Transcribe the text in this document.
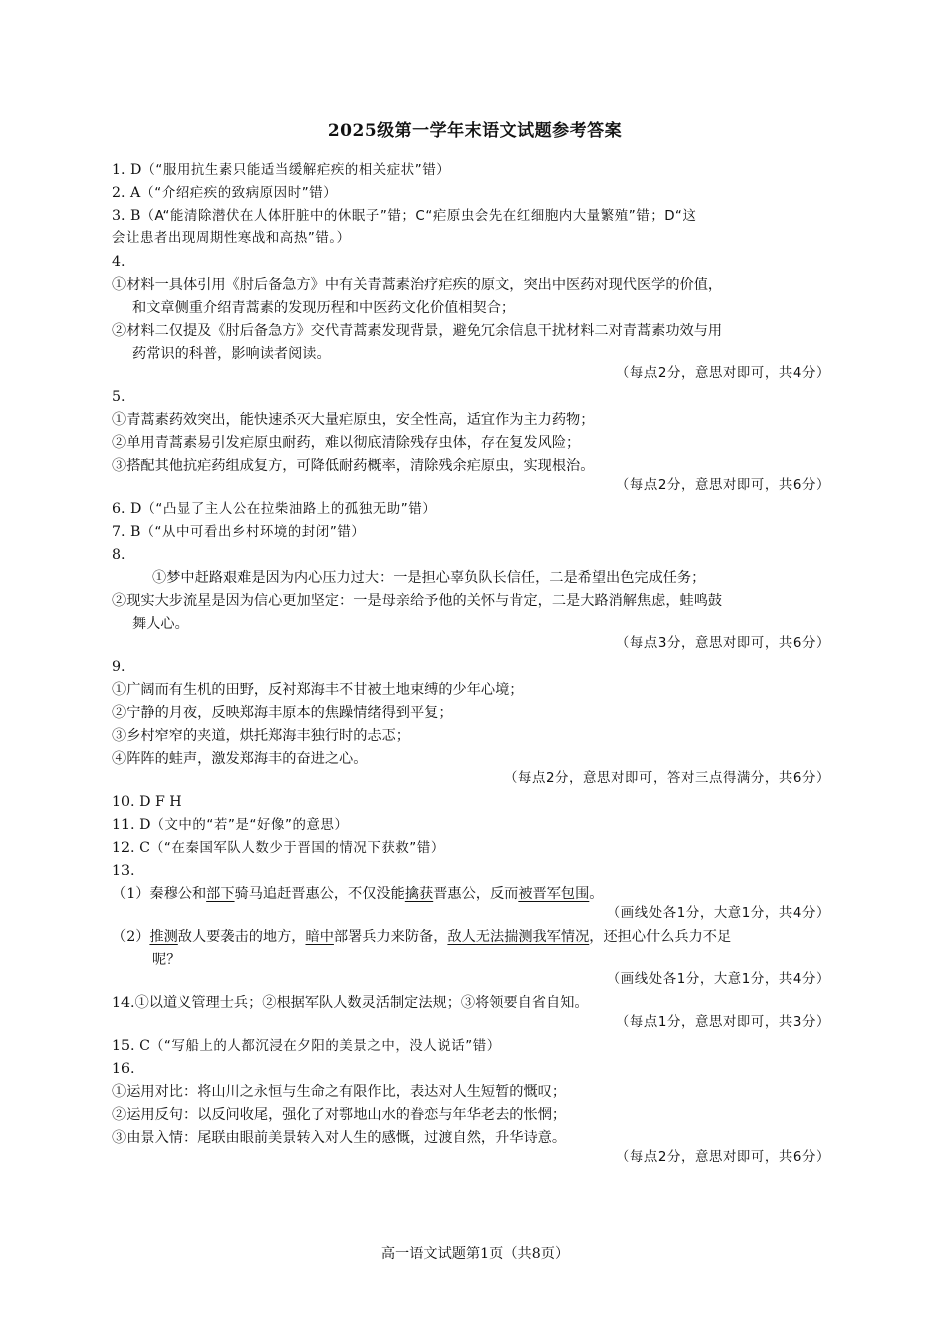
2025级第一学年末语文试题参考答案
1. D（“服用抗生素只能适当缓解疟疾的相关症状”错）
2. A（“介绍疟疾的致病原因时”错）
3. B（A“能清除潜伏在人体肝脏中的休眠子”错；C“疟原虫会先在红细胞内大量繁殖”错；D“这
会让患者出现周期性寒战和高热”错。）
4.
①材料一具体引用《肘后备急方》中有关青蒿素治疗疟疾的原文，突出中医药对现代医学的价值，
和文章侧重介绍青蒿素的发现历程和中医药文化价值相契合；
②材料二仅提及《肘后备急方》交代青蒿素发现背景，避免冗余信息干扰材料二对青蒿素功效与用
药常识的科普，影响读者阅读。
（每点2分，意思对即可，共4分）
5.
①青蒿素药效突出，能快速杀灭大量疟原虫，安全性高，适宜作为主力药物；
②单用青蒿素易引发疟原虫耐药，难以彻底清除残存虫体，存在复发风险；
③搭配其他抗疟药组成复方，可降低耐药概率，清除残余疟原虫，实现根治。
（每点2分，意思对即可，共6分）
6. D（“凸显了主人公在拉柴油路上的孤独无助”错）
7. B（“从中可看出乡村环境的封闭”错）
8.
①梦中赶路艰难是因为内心压力过大：一是担心辜负队长信任，二是希望出色完成任务；
②现实大步流星是因为信心更加坚定：一是母亲给予他的关怀与肯定，二是大路消解焦虑，蛙鸣鼓
舞人心。
（每点3分，意思对即可，共6分）
9.
①广阔而有生机的田野，反衬郑海丰不甘被土地束缚的少年心境；
②宁静的月夜，反映郑海丰原本的焦躁情绪得到平复；
③乡村窄窄的夹道，烘托郑海丰独行时的忐忑；
④阵阵的蛙声，激发郑海丰的奋进之心。
（每点2分，意思对即可，答对三点得满分，共6分）
10. D F H
11. D（文中的“若”是“好像”的意思）
12. C（“在秦国军队人数少于晋国的情况下获救”错）
13.
（1）秦穆公和部下骑马追赶晋惠公，不仅没能擒获晋惠公，反而被晋军包围。
（画线处各1分，大意1分，共4分）
（2）推测敌人要袭击的地方，暗中部署兵力来防备，敌人无法揣测我军情况，还担心什么兵力不足
呢？
（画线处各1分，大意1分，共4分）
14.①以道义管理士兵；②根据军队人数灵活制定法规；③将领要自省自知。
（每点1分，意思对即可，共3分）
15. C（“写船上的人都沉浸在夕阳的美景之中，没人说话”错）
16.
①运用对比：将山川之永恒与生命之有限作比，表达对人生短暂的慨叹；
②运用反句：以反问收尾，强化了对鄠地山水的眷恋与年华老去的怅惘；
③由景入情：尾联由眼前美景转入对人生的感慨，过渡自然，升华诗意。
（每点2分，意思对即可，共6分）
高一语文试题第1页（共8页）
